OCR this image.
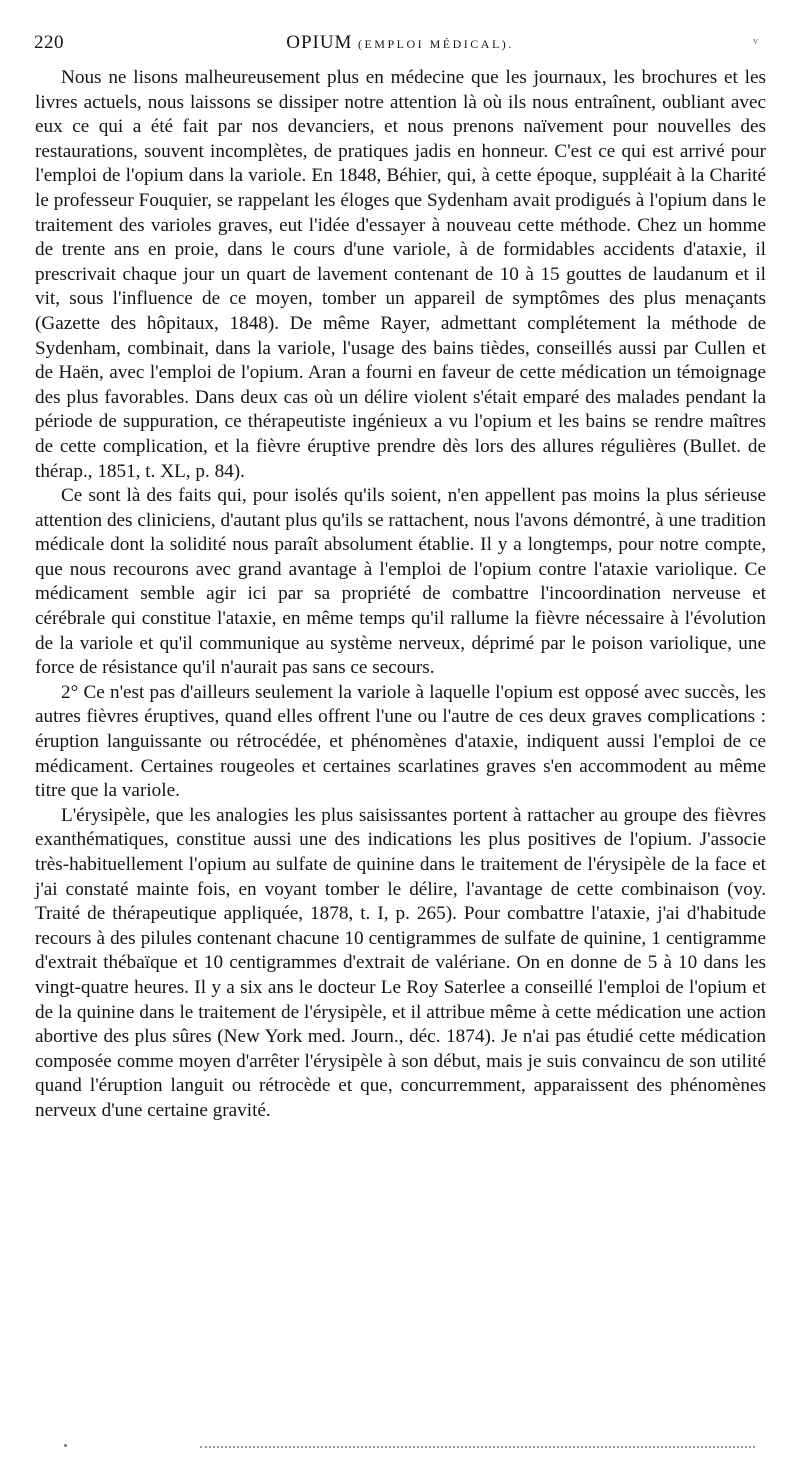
220	OPIUM (EMPLOI MÉDICAL).	v

Nous ne lisons malheureusement plus en médecine que les journaux, les brochures et les livres actuels, nous laissons se dissiper notre attention là où ils nous entraînent, oubliant avec eux ce qui a été fait par nos devanciers, et nous prenons naïvement pour nouvelles des restaurations, souvent incomplètes, de pratiques jadis en honneur. C'est ce qui est arrivé pour l'emploi de l'opium dans la variole. En 1848, Béhier, qui, à cette époque, suppléait à la Charité le professeur Fouquier, se rappelant les éloges que Sydenham avait prodigués à l'opium dans le traitement des varioles graves, eut l'idée d'essayer à nouveau cette méthode. Chez un homme de trente ans en proie, dans le cours d'une variole, à de formidables accidents d'ataxie, il prescrivait chaque jour un quart de lavement contenant de 10 à 15 gouttes de laudanum et il vit, sous l'influence de ce moyen, tomber un appareil de symptômes des plus menaçants (Gazette des hôpitaux, 1848). De même Rayer, admettant complétement la méthode de Sydenham, combinait, dans la variole, l'usage des bains tièdes, conseillés aussi par Cullen et de Haën, avec l'emploi de l'opium. Aran a fourni en faveur de cette médication un témoignage des plus favorables. Dans deux cas où un délire violent s'était emparé des malades pendant la période de suppuration, ce thérapeutiste ingénieux a vu l'opium et les bains se rendre maîtres de cette complication, et la fièvre éruptive prendre dès lors des allures régulières (Bullet. de thérap., 1851, t. XL, p. 84).

Ce sont là des faits qui, pour isolés qu'ils soient, n'en appellent pas moins la plus sérieuse attention des cliniciens, d'autant plus qu'ils se rattachent, nous l'avons démontré, à une tradition médicale dont la solidité nous paraît absolument établie. Il y a longtemps, pour notre compte, que nous recourons avec grand avantage à l'emploi de l'opium contre l'ataxie variolique. Ce médicament semble agir ici par sa propriété de combattre l'incoordination nerveuse et cérébrale qui constitue l'ataxie, en même temps qu'il rallume la fièvre nécessaire à l'évolution de la variole et qu'il communique au système nerveux, déprimé par le poison variolique, une force de résistance qu'il n'aurait pas sans ce secours.

2° Ce n'est pas d'ailleurs seulement la variole à laquelle l'opium est opposé avec succès, les autres fièvres éruptives, quand elles offrent l'une ou l'autre de ces deux graves complications : éruption languissante ou rétrocédée, et phénomènes d'ataxie, indiquent aussi l'emploi de ce médicament. Certaines rougeoles et certaines scarlatines graves s'en accommodent au même titre que la variole.

L'érysipèle, que les analogies les plus saisissantes portent à rattacher au groupe des fièvres exanthématiques, constitue aussi une des indications les plus positives de l'opium. J'associe très-habituellement l'opium au sulfate de quinine dans le traitement de l'érysipèle de la face et j'ai constaté mainte fois, en voyant tomber le délire, l'avantage de cette combinaison (voy. Traité de thérapeutique appliquée, 1878, t. I, p. 265). Pour combattre l'ataxie, j'ai d'habitude recours à des pilules contenant chacune 10 centigrammes de sulfate de quinine, 1 centigramme d'extrait thébaïque et 10 centigrammes d'extrait de valériane. On en donne de 5 à 10 dans les vingt-quatre heures. Il y a six ans le docteur Le Roy Saterlee a conseillé l'emploi de l'opium et de la quinine dans le traitement de l'érysipèle, et il attribue même à cette médication une action abortive des plus sûres (New York med. Journ., déc. 1874). Je n'ai pas étudié cette médication composée comme moyen d'arrêter l'érysipèle à son début, mais je suis convaincu de son utilité quand l'éruption languit ou rétrocède et que, concurremment, apparaissent des phénomènes nerveux d'une certaine gravité.
